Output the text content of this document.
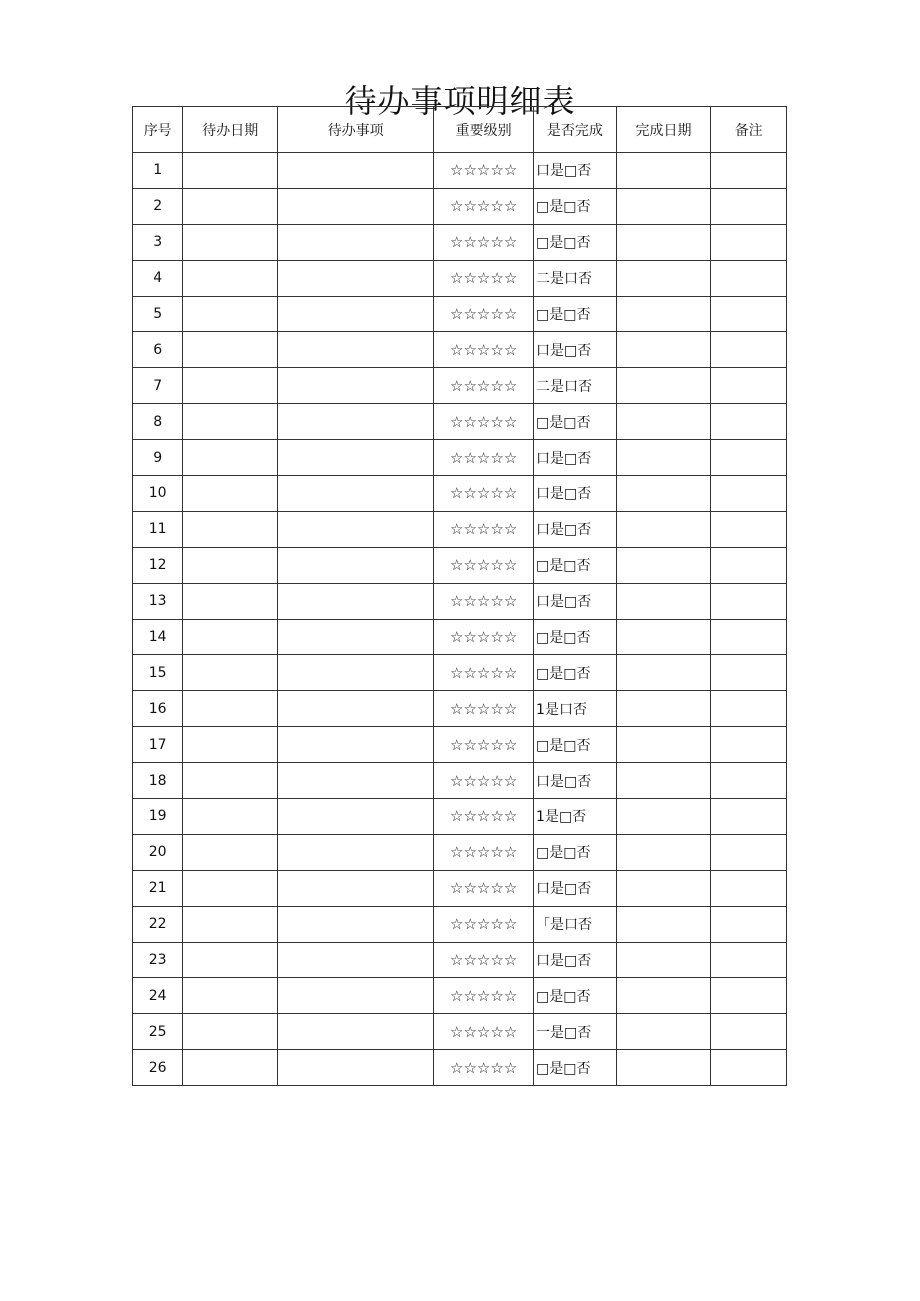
待办事项明细表
序号	待办日期	待办事项	重要级别	是否完成	完成日期	备注
1			☆☆☆☆☆	口是□否		
2			☆☆☆☆☆	□是□否		
3			☆☆☆☆☆	□是□否		
4			☆☆☆☆☆	二是口否		
5			☆☆☆☆☆	□是□否		
6			☆☆☆☆☆	口是□否		
7			☆☆☆☆☆	二是口否		
8			☆☆☆☆☆	□是□否		
9			☆☆☆☆☆	口是□否		
10			☆☆☆☆☆	口是□否		
11			☆☆☆☆☆	口是□否		
12			☆☆☆☆☆	□是□否		
13			☆☆☆☆☆	口是□否		
14			☆☆☆☆☆	□是□否		
15			☆☆☆☆☆	□是□否		
16			☆☆☆☆☆	1是口否		
17			☆☆☆☆☆	□是□否		
18			☆☆☆☆☆	口是□否		
19			☆☆☆☆☆	1是□否		
20			☆☆☆☆☆	□是□否		
21			☆☆☆☆☆	口是□否		
22			☆☆☆☆☆	「是口否		
23			☆☆☆☆☆	口是□否		
24			☆☆☆☆☆	□是□否		
25			☆☆☆☆☆	一是□否		
26			☆☆☆☆☆	□是□否		
